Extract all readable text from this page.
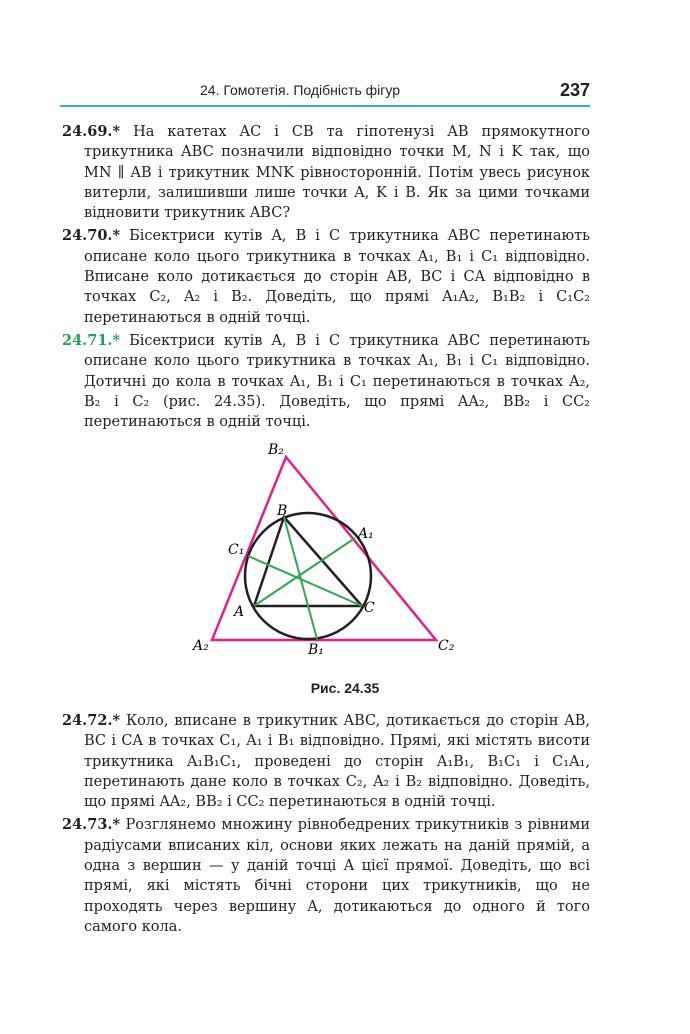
24. Гомотетія. Подібність фігур	237
24.69.* На катетах AC і CB та гіпотенузі AB прямокутного трикутника ABC позначили відповідно точки M, N і K так, що MN ∥ AB і трикутник MNK рівносторонній. Потім увесь рисунок витерли, залишивши лише точки A, K і B. Як за цими точками відновити трикутник ABC?
24.70.* Бісектриси кутів A, B і C трикутника ABC перетинають описане коло цього трикутника в точках A₁, B₁ і C₁ відповідно. Вписане коло дотикається до сторін AB, BC і CA відповідно в точках C₂, A₂ і B₂. Доведіть, що прямі A₁A₂, B₁B₂ і C₁C₂ перетинаються в одній точці.
24.71.* Бісектриси кутів A, B і C трикутника ABC перетинають описане коло цього трикутника в точках A₁, B₁ і C₁ відповідно. Дотичні до кола в точках A₁, B₁ і C₁ перетинаються в точках A₂, B₂ і C₂ (рис. 24.35). Доведіть, що прямі AA₂, BB₂ і CC₂ перетинаються в одній точці.
B₂
A₁
C₁
B
A	C
A₂	B₁	C₂
Рис. 24.35
24.72.* Коло, вписане в трикутник ABC, дотикається до сторін AB, BC і CA в точках C₁, A₁ і B₁ відповідно. Прямі, які містять висоти трикутника A₁B₁C₁, проведені до сторін A₁B₁, B₁C₁ і C₁A₁, перетинають дане коло в точках C₂, A₂ і B₂ відповідно. Доведіть, що прямі AA₂, BB₂ і CC₂ перетинаються в одній точці.
24.73.* Розглянемо множину рівнобедрених трикутників з рівними радіусами вписаних кіл, основи яких лежать на даній прямій, а одна з вершин — у даній точці A цієї прямої. Доведіть, що всі прямі, які містять бічні сторони цих трикутників, що не проходять через вершину A, дотикаються до одного й того самого кола.
